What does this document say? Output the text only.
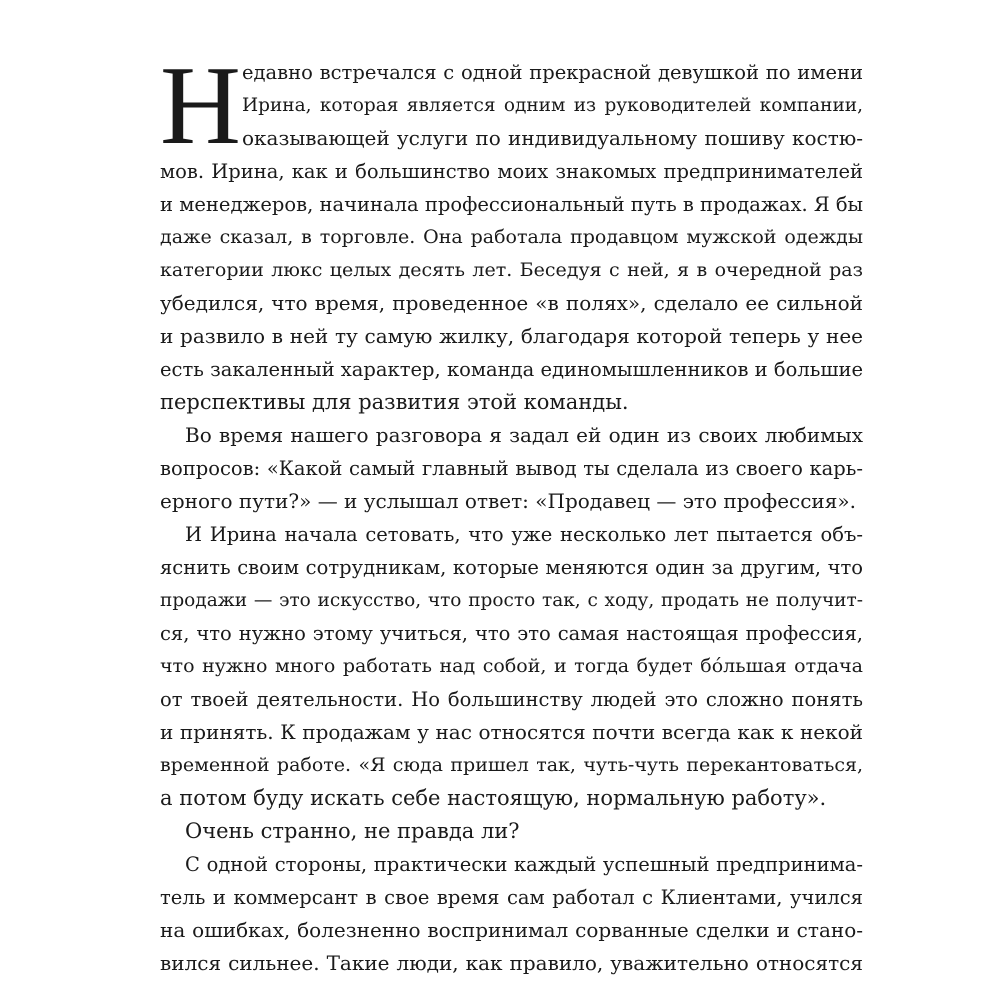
Н едавно встречался с одной прекрасной девушкой по имени
Ирина, которая является одним из руководителей компании,
оказывающей услуги по индивидуальному пошиву костю-
мов. Ирина, как и большинство моих знакомых предпринимателей
и менеджеров, начинала профессиональный путь в продажах. Я бы
даже сказал, в торговле. Она работала продавцом мужской одежды
категории люкс целых десять лет. Беседуя с ней, я в очередной раз
убедился, что время, проведенное «в полях», сделало ее сильной
и развило в ней ту самую жилку, благодаря которой теперь у нее
есть закаленный характер, команда единомышленников и большие
перспективы для развития этой команды.
Во время нашего разговора я задал ей один из своих любимых
вопросов: «Какой самый главный вывод ты сделала из своего карь-
ерного пути?» — и услышал ответ: «Продавец — это профессия».
И Ирина начала сетовать, что уже несколько лет пытается объ-
яснить своим сотрудникам, которые меняются один за другим, что
продажи — это искусство, что просто так, с ходу, продать не получит-
ся, что нужно этому учиться, что это самая настоящая профессия,
что нужно много работать над собой, и тогда будет бо́льшая отдача
от твоей деятельности. Но большинству людей это сложно понять
и принять. К продажам у нас относятся почти всегда как к некой
временной работе. «Я сюда пришел так, чуть-чуть перекантоваться,
а потом буду искать себе настоящую, нормальную работу».
Очень странно, не правда ли?
С одной стороны, практически каждый успешный предпринима-
тель и коммерсант в свое время сам работал с Клиентами, учился
на ошибках, болезненно воспринимал сорванные сделки и стано-
вился сильнее. Такие люди, как правило, уважительно относятся
